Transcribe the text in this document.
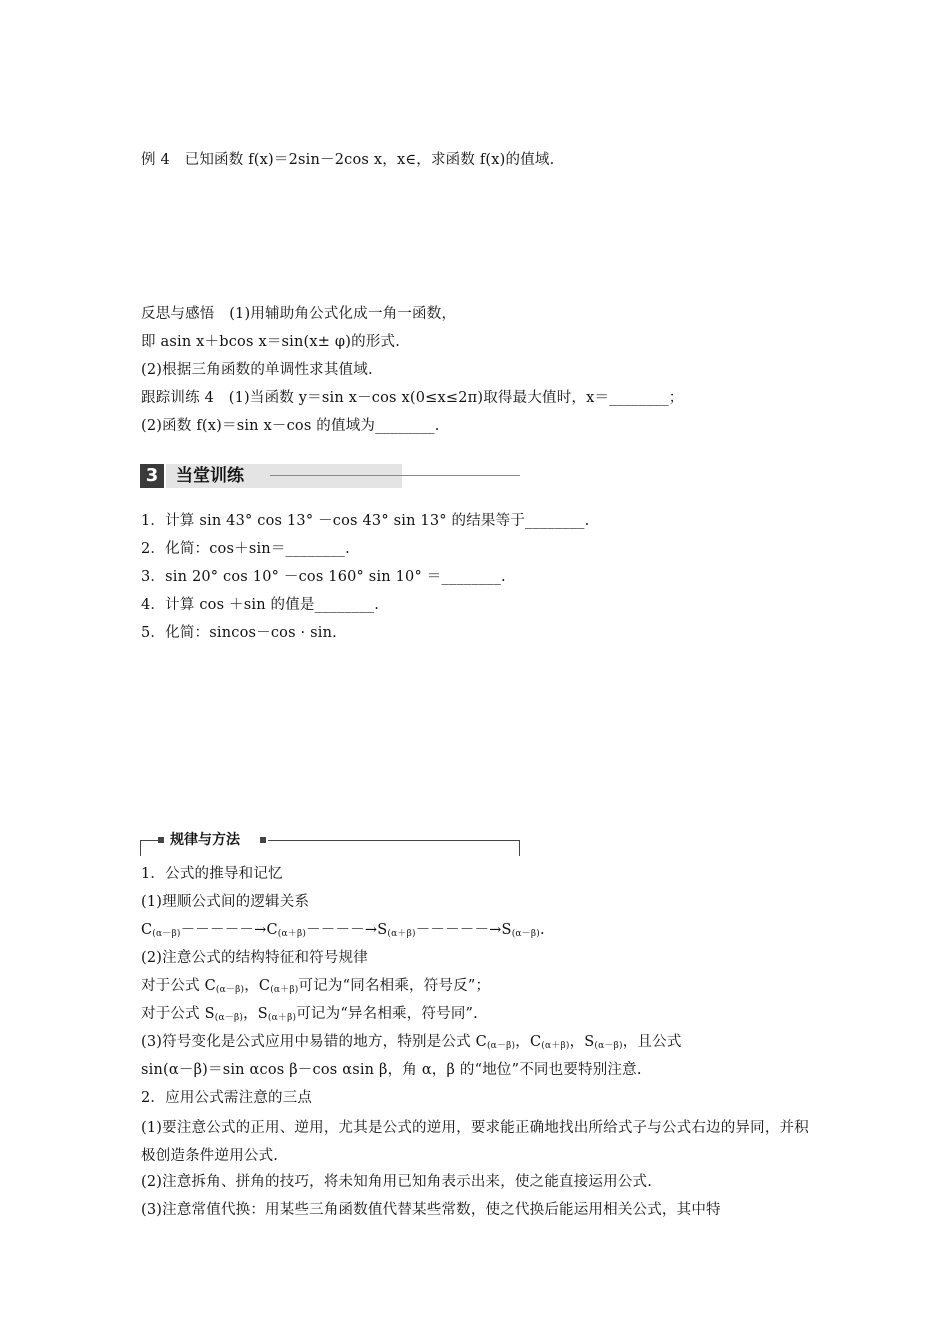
例 4　已知函数 f(x)＝2sin－2cos x，x∈，求函数 f(x)的值域.
反思与感悟　(1)用辅助角公式化成一角一函数，
即 asin x＋bcos x＝sin(x± φ)的形式.
(2)根据三角函数的单调性求其值域.
跟踪训练 4　(1)当函数 y＝sin x－cos x(0≤x≤2π)取得最大值时，x＝________；
(2)函数 f(x)＝sin x－cos 的值域为________.
3	当堂训练
1．计算 sin 43° cos 13° －cos 43° sin 13° 的结果等于________.
2．化简：cos＋sin＝________.
3．sin 20° cos 10° －cos 160° sin 10° ＝________.
4．计算 cos ＋sin 的值是________.
5．化简：sincos－cos · sin.
规律与方法
1．公式的推导和记忆
(1)理顺公式间的逻辑关系
$C_{(\alpha-\beta)}-----\to C_{(\alpha+\beta)}----\to S_{(\alpha+\beta)}-----\to S_{(\alpha-\beta)}$.
(2)注意公式的结构特征和符号规律
对于公式 $C_{(\alpha-\beta)}$，$C_{(\alpha+\beta)}$可记为“同名相乘，符号反”；
对于公式 $S_{(\alpha-\beta)}$，$S_{(\alpha+\beta)}$可记为“异名相乘，符号同”.
(3)符号变化是公式应用中易错的地方，特别是公式 $C_{(\alpha-\beta)}$，$C_{(\alpha+\beta)}$，$S_{(\alpha-\beta)}$，且公式
sin(α－β)＝sin αcos β－cos αsin β，角 α，β 的“地位”不同也要特别注意.
2．应用公式需注意的三点
(1)要注意公式的正用、逆用，尤其是公式的逆用，要求能正确地找出所给式子与公式右边的异同，并积极创造条件逆用公式.
(2)注意拆角、拼角的技巧，将未知角用已知角表示出来，使之能直接运用公式.
(3)注意常值代换：用某些三角函数值代替某些常数，使之代换后能运用相关公式，其中特
